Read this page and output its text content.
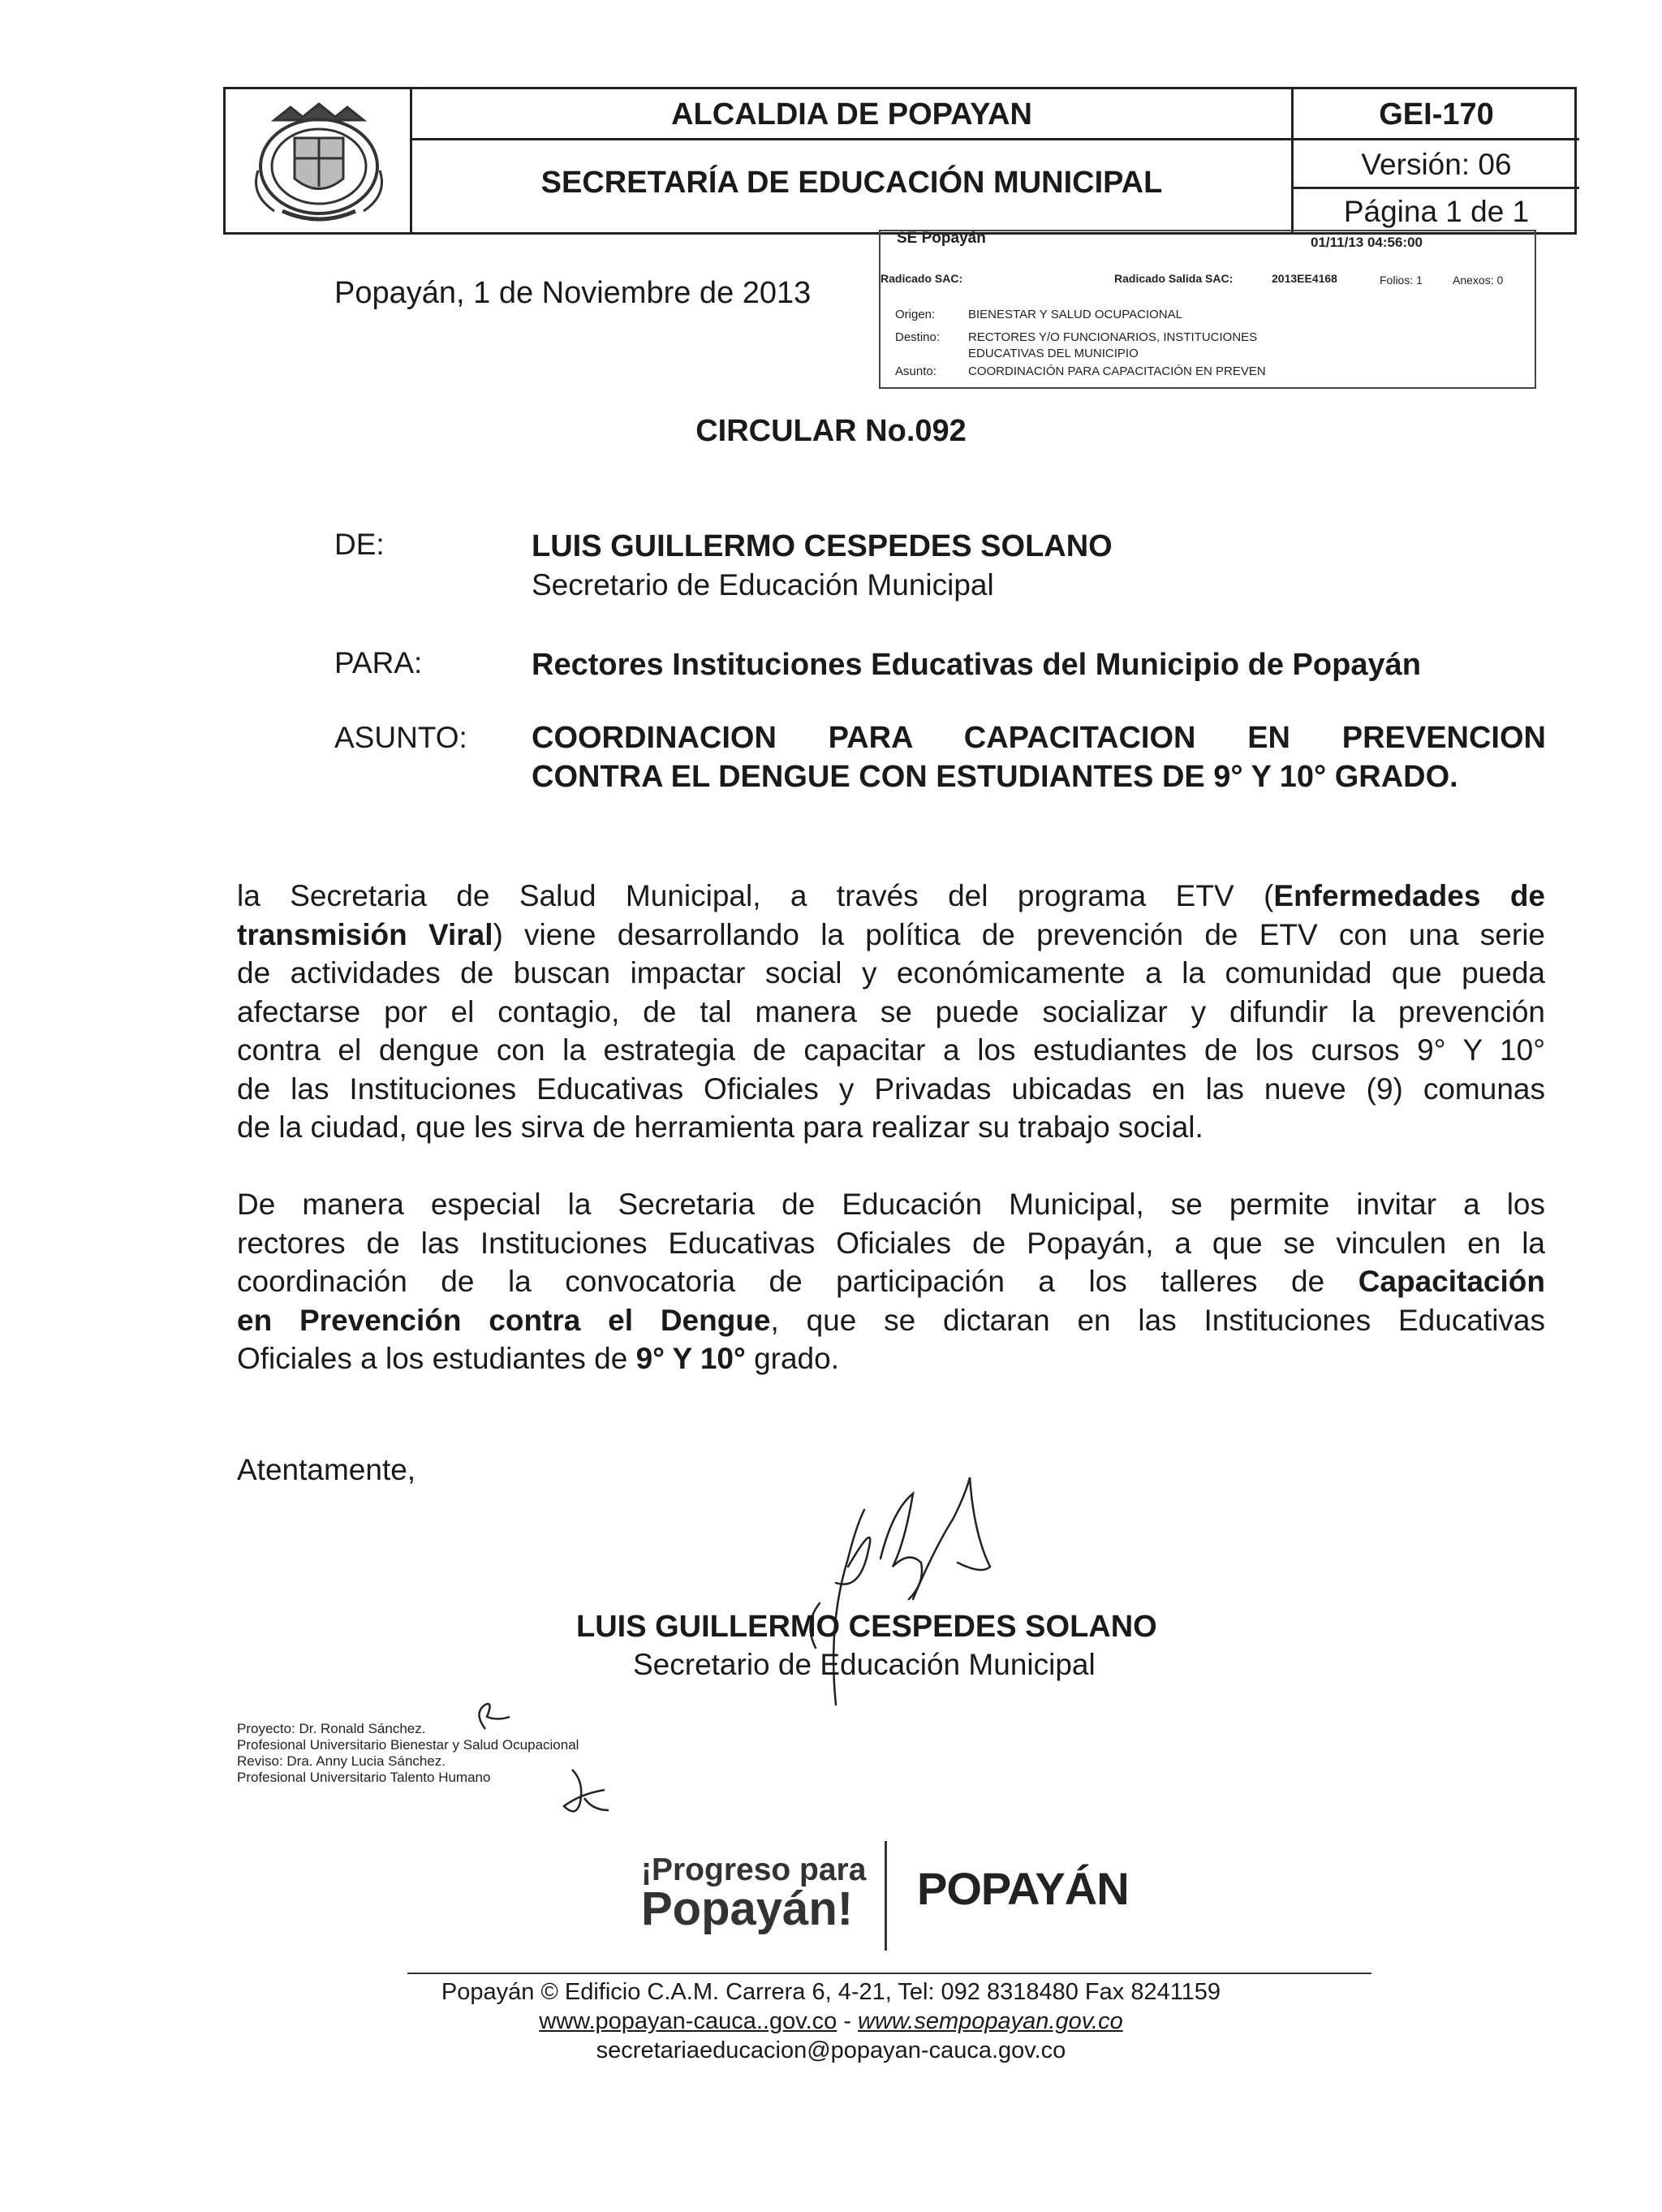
ALCALDIA DE POPAYAN
SECRETARÍA DE EDUCACIÓN MUNICIPAL
GEI-170
Versión: 06
Página 1 de 1
SE Popayán	01/11/13 04:56:00
Radicado SAC:	Radicado Salida SAC:	2013EE4168	Folios: 1	Anexos: 0
Origen:	BIENESTAR Y SALUD OCUPACIONAL
Destino: RECTORES Y/O FUNCIONARIOS, INSTITUCIONES
EDUCATIVAS DEL MUNICIPIO
Asunto:	COORDINACIÓN PARA CAPACITACIÓN EN PREVEN
Popayán, 1 de Noviembre de 2013
CIRCULAR No.092
DE:	LUIS GUILLERMO CESPEDES SOLANO
Secretario de Educación Municipal
PARA:	Rectores Instituciones Educativas del Municipio de Popayán
ASUNTO: COORDINACION PARA CAPACITACION EN PREVENCION
CONTRA EL DENGUE CON ESTUDIANTES DE 9° Y 10° GRADO.
la Secretaria de Salud Municipal, a través del programa ETV (Enfermedades de
transmisión Viral) viene desarrollando la política de prevención de ETV con una serie
de actividades de buscan impactar social y económicamente a la comunidad que pueda
afectarse por el contagio, de tal manera se puede socializar y difundir la prevención
contra el dengue con la estrategia de capacitar a los estudiantes de los cursos 9° Y 10°
de las Instituciones Educativas Oficiales y Privadas ubicadas en las nueve (9) comunas
de la ciudad, que les sirva de herramienta para realizar su trabajo social.
De manera especial la Secretaria de Educación Municipal, se permite invitar a los
rectores de las Instituciones Educativas Oficiales de Popayán, a que se vinculen en la
coordinación de la convocatoria de participación a los talleres de Capacitación
en Prevención contra el Dengue, que se dictaran en las Instituciones Educativas
Oficiales a los estudiantes de 9° Y 10° grado.
Atentamente,
LUIS GUILLERMO CESPEDES SOLANO
Secretario de Educación Municipal
Proyecto: Dr. Ronald Sánchez.
Profesional Universitario Bienestar y Salud Ocupacional
Reviso: Dra. Anny Lucia Sánchez.
Profesional Universitario Talento Humano
¡Progreso para
Popayán! POPAYÁN
Popayán © Edificio C.A.M. Carrera 6, 4-21, Tel: 092 8318480 Fax 8241159
www.popayan-cauca..gov.co - www.sempopayan.gov.co
secretariaeducacion@popayan-cauca.gov.co
